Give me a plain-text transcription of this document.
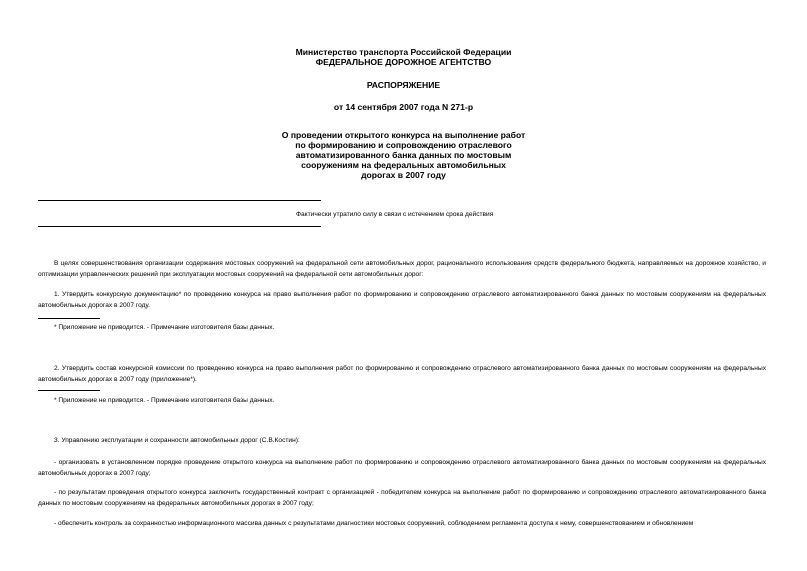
Министерство транспорта Российской Федерации
ФЕДЕРАЛЬНОЕ ДОРОЖНОЕ АГЕНТСТВО
РАСПОРЯЖЕНИЕ
от 14 сентября 2007 года N 271-р
О проведении открытого конкурса на выполнение работ
по формированию и сопровождению отраслевого
автоматизированного банка данных по мостовым
сооружениям на федеральных автомобильных
дорогах в 2007 году
Фактически утратило силу в связи с истечением срока действия
В целях совершенствования организации содержания мостовых сооружений на федеральной сети автомобильных дорог, рационального использования средств федерального бюджета, направляемых на дорожное хозяйство, и оптимизации управленческих решений при эксплуатации мостовых сооружений на федеральной сети автомобильных дорог:
1. Утвердить конкурсную документацию* по проведению конкурса на право выполнения работ по формированию и сопровождению отраслевого автоматизированного банка данных по мостовым сооружениям на федеральных автомобильных дорогах в 2007 году.
* Приложение не приводится. - Примечание изготовителя базы данных.
2. Утвердить состав конкурсной комиссии по проведению конкурса на право выполнения работ по формированию и сопровождению отраслевого автоматизированного банка данных по мостовым сооружениям на федеральных автомобильных дорогах в 2007 году (приложение*).
* Приложение не приводится. - Примечание изготовителя базы данных.
3. Управлению эксплуатации и сохранности автомобильных дорог (С.В.Костин):
- организовать в установленном порядке проведение открытого конкурса на выполнение работ по формированию и сопровождению отраслевого автоматизированного банка данных по мостовым сооружениям на федеральных автомобильных дорогах в 2007 году;
- по результатам проведения открытого конкурса заключить государственный контракт с организацией - победителем конкурса на выполнение работ по формированию и сопровождению отраслевого автоматизированного банка данных по мостовым сооружениям на федеральных автомобильных дорогах в 2007 году;
- обеспечить контроль за сохранностью информационного массива данных с результатами диагностики мостовых сооружений, соблюдением регламента доступа к нему, совершенствованием и обновлением
